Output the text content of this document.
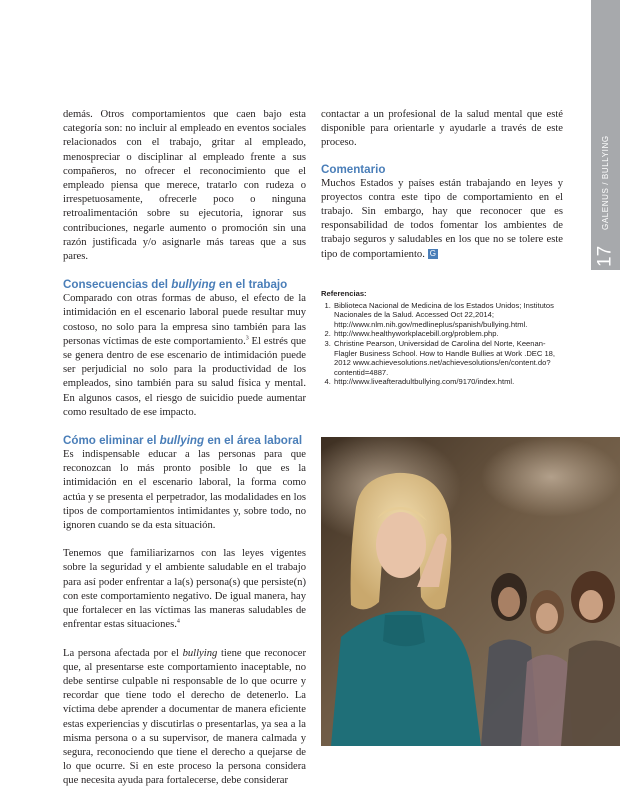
GALENUS / BULLYING
17

demás. Otros comportamientos que caen bajo esta categoría son: no incluir al empleado en eventos sociales relacionados con el trabajo, gritar al empleado, menospreciar o disciplinar al empleado frente a sus compañeros, no ofrecer el reconocimiento que el empleado piensa que merece, tratarlo con rudeza o irrespetuosamente, ofrecerle poco o ninguna retroalimentación sobre su ejecutoria, ignorar sus contribuciones, negarle aumento o promoción sin una razón justificada y/o asignarle más tareas que a sus pares.

Consecuencias del bullying en el trabajo

Comparado con otras formas de abuso, el efecto de la intimidación en el escenario laboral puede resultar muy costoso, no solo para la empresa sino también para las personas víctimas de este comportamiento.$^3$ El estrés que se genera dentro de ese escenario de intimidación puede ser perjudicial no solo para la productividad de los empleados, sino también para su salud física y mental. En algunos casos, el riesgo de suicidio puede aumentar como resultado de ese impacto.

Cómo eliminar el bullying en el área laboral

Es indispensable educar a las personas para que reconozcan lo más pronto posible lo que es la intimidación en el escenario laboral, la forma como actúa y se presenta el perpetrador, las modalidades en los tipos de comportamientos intimidantes y, sobre todo, no ignoren cuando se da esta situación.

Tenemos que familiarizarnos con las leyes vigentes sobre la seguridad y el ambiente saludable en el trabajo para así poder enfrentar a la(s) persona(s) que persiste(n) con este comportamiento negativo. De igual manera, hay que fortalecer en las víctimas las maneras saludables de enfrentar estas situaciones.$^4$

La persona afectada por el bullying tiene que reconocer que, al presentarse este comportamiento inaceptable, no debe sentirse culpable ni responsable de lo que ocurre y recordar que tiene todo el derecho de detenerlo. La víctima debe aprender a documentar de manera eficiente estas experiencias y discutirlas o presentarlas, ya sea a la misma persona o a su supervisor, de manera calmada y segura, reconociendo que tiene el derecho a quejarse de lo que ocurre. Si en este proceso la persona considera que necesita ayuda para fortalecerse, debe considerar

contactar a un profesional de la salud mental que esté disponible para orientarle y ayudarle a través de este proceso.

Comentario

Muchos Estados y países están trabajando en leyes y proyectos contra este tipo de comportamiento en el trabajo. Sin embargo, hay que reconocer que es responsabilidad de todos fomentar los ambientes de trabajo seguros y saludables en los que no se tolere este tipo de comportamiento. G

Referencias:
1. Biblioteca Nacional de Medicina de los Estados Unidos; Institutos Nacionales de la Salud. Accessed Oct 22,2014; http://www.nlm.nih.gov/medlineplus/spanish/bullying.html.
2. http://www.healthyworkplacebill.org/problem.php.
3. Christine Pearson, Universidad de Carolina del Norte, Keenan-Flagler Business School. How to Handle Bullies at Work .DEC 18, 2012 www.achievesolutions.net/achievesolutions/en/content.do?contentid=4887.
4. http://www.liveafteradultbullying.com/9170/index.html.
